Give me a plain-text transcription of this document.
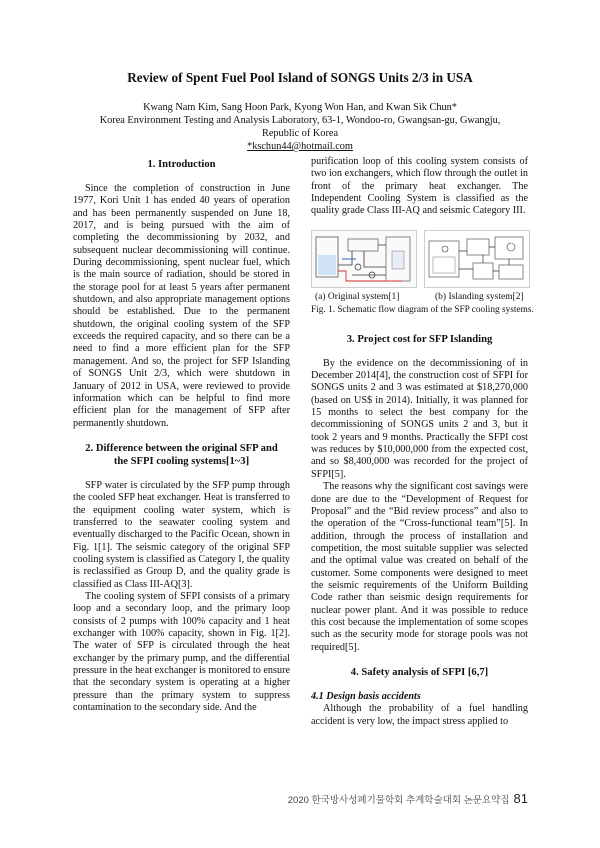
Review of Spent Fuel Pool Island of SONGS Units 2/3 in USA
Kwang Nam Kim, Sang Hoon Park, Kyong Won Han, and Kwan Sik Chun*
Korea Environment Testing and Analysis Laboratory, 63-1, Wondoo-ro, Gwangsan-gu, Gwangju,
Republic of Korea
*kschun44@hotmail.com

1. Introduction

Since the completion of construction in June 1977, Kori Unit 1 has ended 40 years of operation and has been permanently suspended on June 18, 2017, and is being pursued with the aim of completing the decommissioning by 2032, and subsequent nuclear decommissioning will continue. During decommissioning, spent nuclear fuel, which is the main source of radiation, should be stored in the storage pool for at least 5 years after permanent shutdown, and also appropriate management options should be established. Due to the permanent shutdown, the original cooling system of the SFP exceeds the required capacity, and so there can be a need to find a more efficient plan for the SFP management. And so, the project for SFP Islanding of SONGS Unit 2/3, which were shutdown in January of 2012 in USA, were reviewed to provide information which can be helpful to find more efficient plan for the management of SFP after permanently shutdown.

2. Difference between the original SFP and

the SFPI cooling systems[1~3]

SFP water is circulated by the SFP pump through the cooled SFP heat exchanger. Heat is transferred to the equipment cooling water system, which is transferred to the seawater cooling system and eventually discharged to the Pacific Ocean, shown in Fig. 1[1]. The seismic category of the original SFP cooling system is classified as Category I, the quality is reclassified as Group D, and the quality grade is classified as Class III-AQ[3].

The cooling system of SFPI consists of a primary loop and a secondary loop, and the primary loop consists of 2 pumps with 100% capacity and 1 heat exchanger with 100% capacity, shown in Fig. 1[2]. The water of SFP is circulated through the heat exchanger by the primary pump, and the differential pressure in the heat exchanger is monitored to ensure that the secondary system is operating at a higher pressure than the primary system to suppress contamination to the secondary side. And the

purification loop of this cooling system consists of two ion exchangers, which flow through the outlet in front of the primary heat exchanger. The Independent Cooling System is classified as the quality grade Class III-AQ and seismic Category III.

(a) Original system[1]	(b) Islanding system[2]
Fig. 1. Schematic flow diagram of the SFP cooling systems.

3. Project cost for SFP Islanding

By the evidence on the decommissioning of in December 2014[4], the construction cost of SFPI for SONGS units 2 and 3 was estimated at $18,270,000 (based on US$ in 2014). Initially, it was planned for 15 months to select the best company for the decommissioning of SONGS units 2 and 3, but it took 2 years and 9 months. Practically the SFPI cost was reduces by $10,000,000 from the expected cost, and so $8,400,000 was recorded for the project of SFPI[5].

The reasons why the significant cost savings were done are due to the “Development of Request for Proposal” and the “Bid review process” and also to the operation of the “Cross-functional team”[5]. In addition, through the process of installation and competition, the most suitable supplier was selected and the optimal value was created on behalf of the customer. Some components were designed to meet the seismic requirements of the Uniform Building Code rather than seismic design requirements for nuclear power plant. And it was possible to reduce this cost because the implementation of some scopes such as the security mode for storage pools was not required[5].

4. Safety analysis of SFPI [6,7]

4.1 Design basis accidents

Although the probability of a fuel handling accident is very low, the impact stress applied to

2020 한국방사성폐기물학회 추계학술대회 논문요약집 81
